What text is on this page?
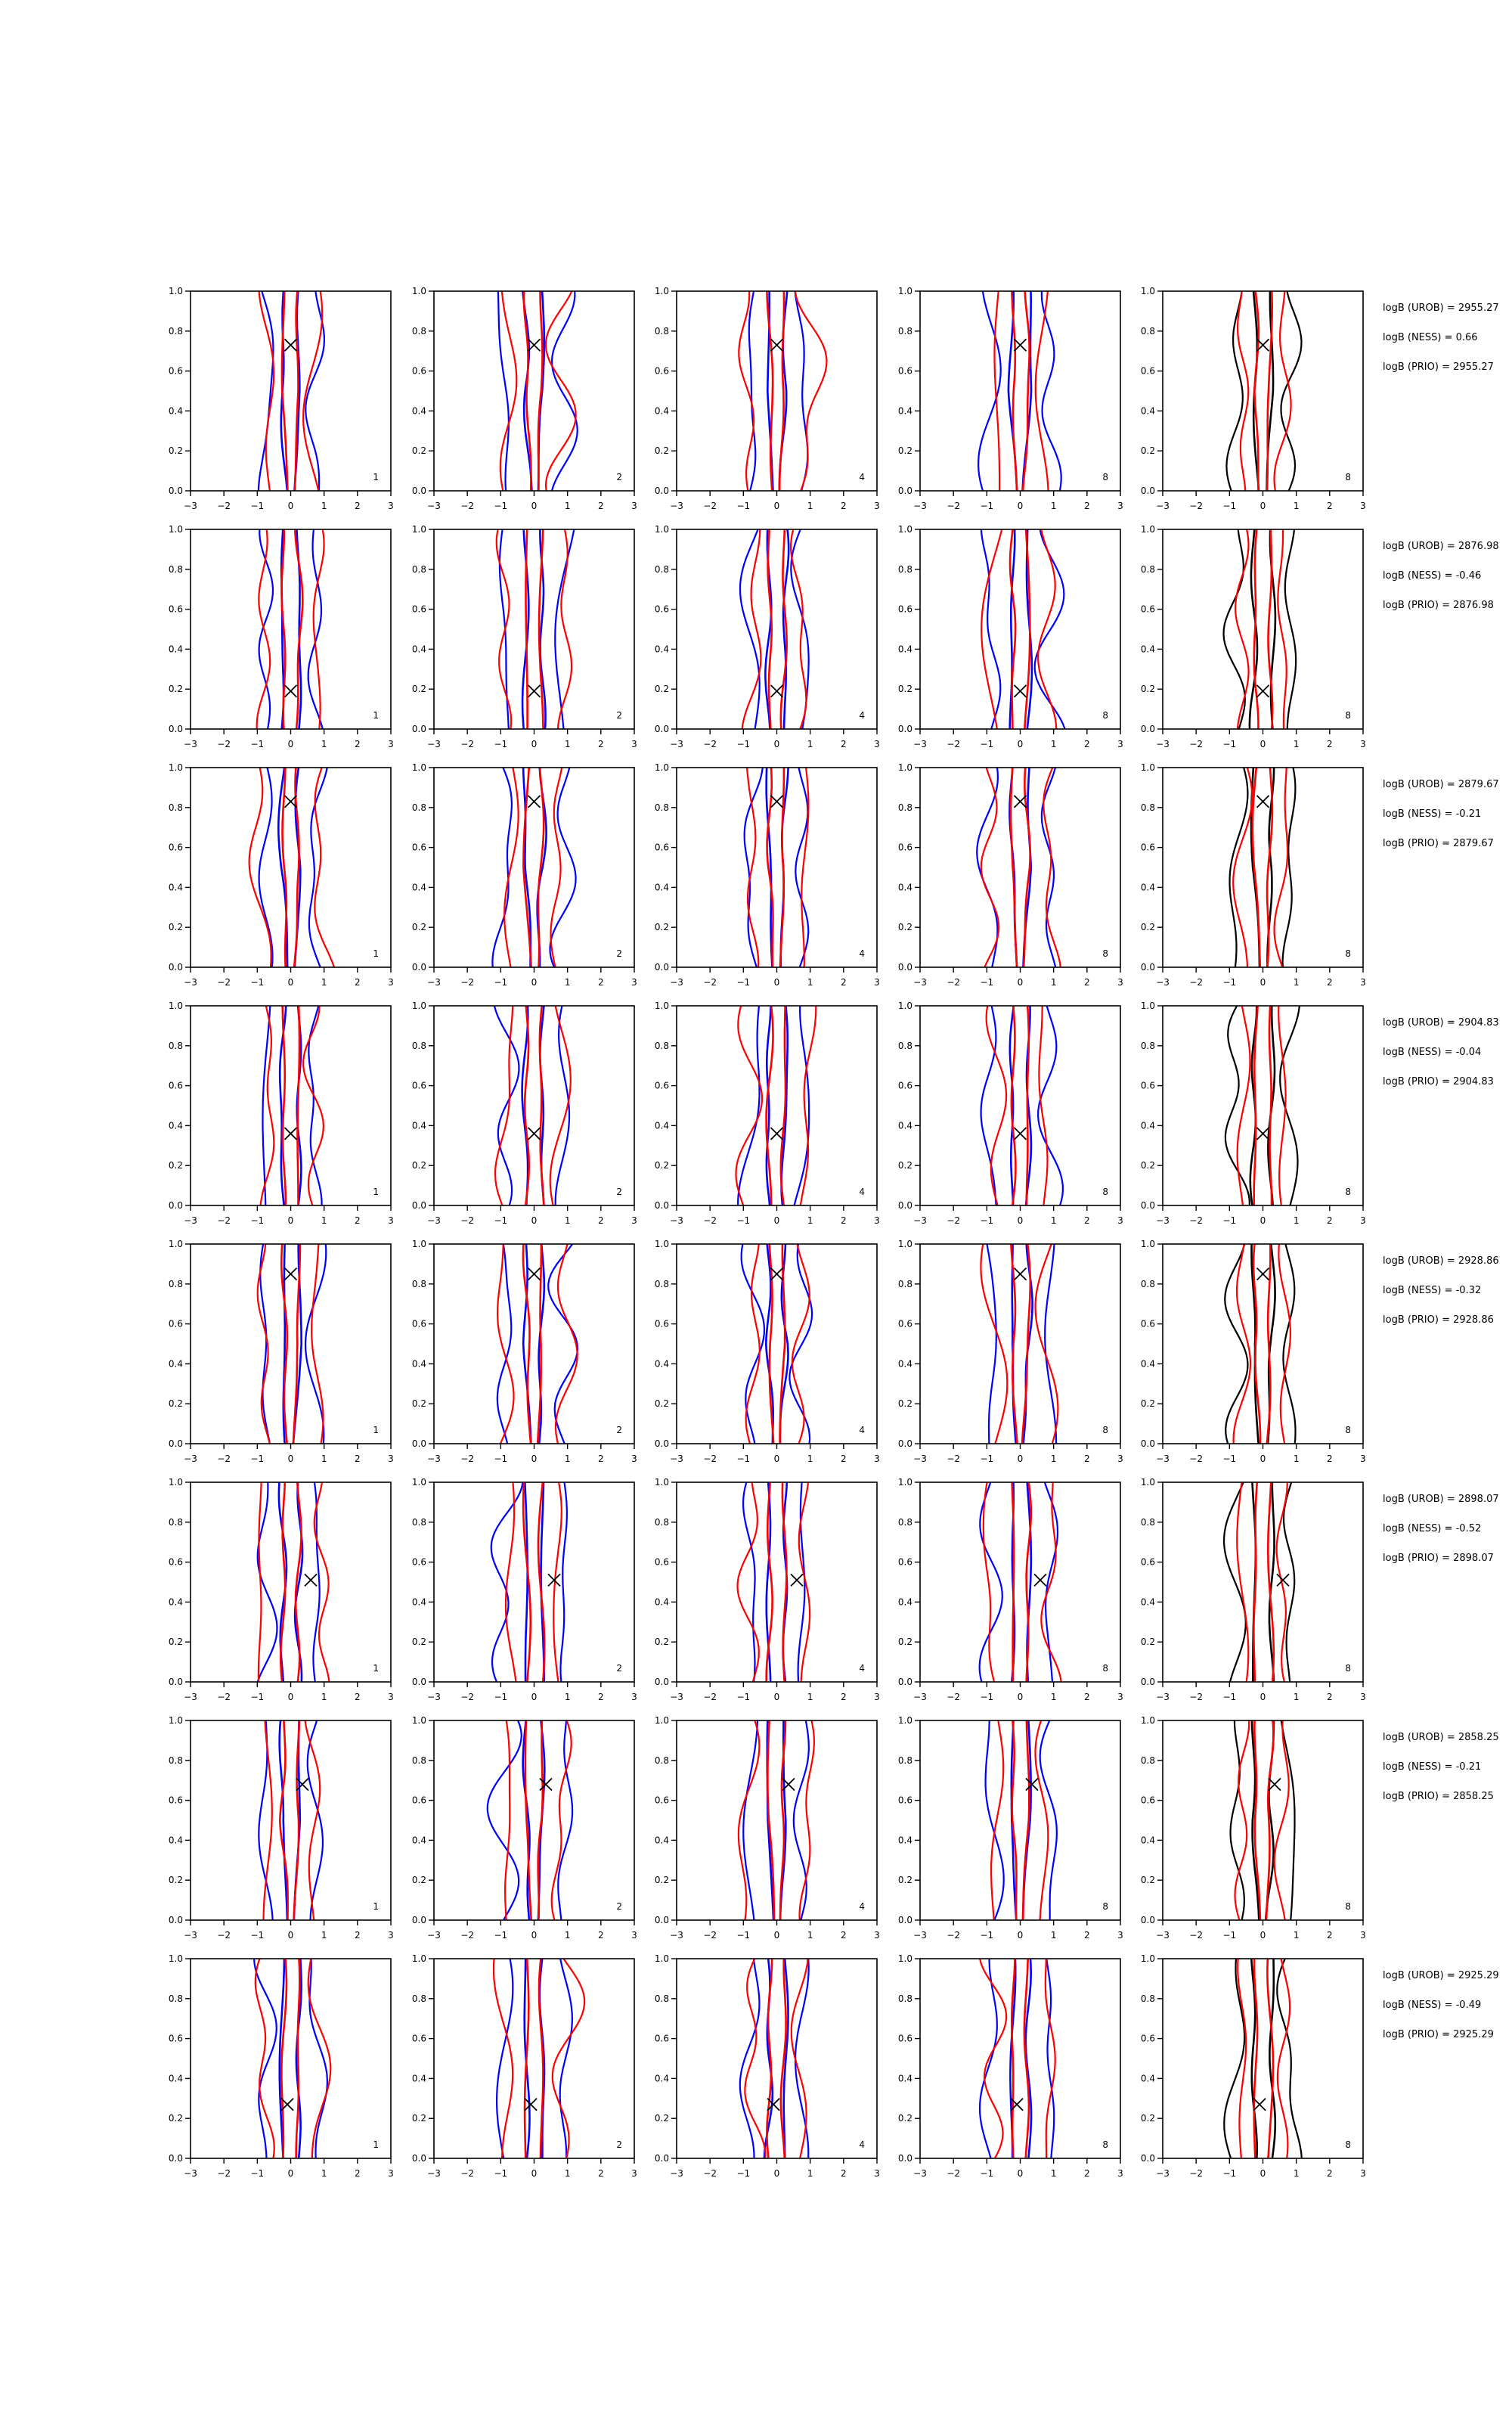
−3 −2 −1	0	1	2	3
0.0
0.2
0.4
0.6
0.8
1.0
1
−3 −2 −1	0	1	2	3
0.0
0.2
0.4
0.6
0.8
1.0
2
−3 −2 −1	0	1	2	3
0.0
0.2
0.4
0.6
0.8
1.0
4
−3 −2 −1	0	1	2	3
0.0
0.2
0.4
0.6
0.8
1.0
8
−3 −2 −1	0	1	2	3
0.0
0.2
0.4
0.6
0.8
1.0
8
−3 −2 −1	0	1	2	3
0.0
0.2
0.4
0.6
0.8
1.0
1
−3 −2 −1	0	1	2	3
0.0
0.2
0.4
0.6
0.8
1.0
2
−3 −2 −1	0	1	2	3
0.0
0.2
0.4
0.6
0.8
1.0
4
−3 −2 −1	0	1	2	3
0.0
0.2
0.4
0.6
0.8
1.0
8
−3 −2 −1	0	1	2	3
0.0
0.2
0.4
0.6
0.8
1.0
8
−3 −2 −1	0	1	2	3
0.0
0.2
0.4
0.6
0.8
1.0
1
−3 −2 −1	0	1	2	3
0.0
0.2
0.4
0.6
0.8
1.0
2
−3 −2 −1	0	1	2	3
0.0
0.2
0.4
0.6
0.8
1.0
4
−3 −2 −1	0	1	2	3
0.0
0.2
0.4
0.6
0.8
1.0
8
−3 −2 −1	0	1	2	3
0.0
0.2
0.4
0.6
0.8
1.0
8
−3 −2 −1	0	1	2	3
0.0
0.2
0.4
0.6
0.8
1.0
1
−3 −2 −1	0	1	2	3
0.0
0.2
0.4
0.6
0.8
1.0
2
−3 −2 −1	0	1	2	3
0.0
0.2
0.4
0.6
0.8
1.0
4
−3 −2 −1	0	1	2	3
0.0
0.2
0.4
0.6
0.8
1.0
8
−3 −2 −1	0	1	2	3
0.0
0.2
0.4
0.6
0.8
1.0
8
−3 −2 −1	0	1	2	3
0.0
0.2
0.4
0.6
0.8
1.0
1
−3 −2 −1	0	1	2	3
0.0
0.2
0.4
0.6
0.8
1.0
2
−3 −2 −1	0	1	2	3
0.0
0.2
0.4
0.6
0.8
1.0
4
−3 −2 −1	0	1	2	3
0.0
0.2
0.4
0.6
0.8
1.0
8
−3 −2 −1	0	1	2	3
0.0
0.2
0.4
0.6
0.8
1.0
8
−3 −2 −1	0	1	2	3
0.0
0.2
0.4
0.6
0.8
1.0
1
−3 −2 −1	0	1	2	3
0.0
0.2
0.4
0.6
0.8
1.0
2
−3 −2 −1	0	1	2	3
0.0
0.2
0.4
0.6
0.8
1.0
4
−3 −2 −1	0	1	2	3
0.0
0.2
0.4
0.6
0.8
1.0
8
−3 −2 −1	0	1	2	3
0.0
0.2
0.4
0.6
0.8
1.0
8
−3 −2 −1	0	1	2	3
0.0
0.2
0.4
0.6
0.8
1.0
1
−3 −2 −1	0	1	2	3
0.0
0.2
0.4
0.6
0.8
1.0
2
−3 −2 −1	0	1	2	3
0.0
0.2
0.4
0.6
0.8
1.0
4
−3 −2 −1	0	1	2	3
0.0
0.2
0.4
0.6
0.8
1.0
8
−3 −2 −1	0	1	2	3
0.0
0.2
0.4
0.6
0.8
1.0
8
−3 −2 −1	0	1	2	3
0.0
0.2
0.4
0.6
0.8
1.0
1
−3 −2 −1	0	1	2	3
0.0
0.2
0.4
0.6
0.8
1.0
2
−3 −2 −1	0	1	2	3
0.0
0.2
0.4
0.6
0.8
1.0
4
−3 −2 −1	0	1	2	3
0.0
0.2
0.4
0.6
0.8
1.0
8
−3 −2 −1	0	1	2	3
0.0
0.2
0.4
0.6
0.8
1.0
8
logB (UROB) = 2955.27
logB (NESS) = 0.66
logB (PRIO) = 2955.27
logB (UROB) = 2876.98
logB (NESS) = -0.46
logB (PRIO) = 2876.98
logB (UROB) = 2879.67
logB (NESS) = -0.21
logB (PRIO) = 2879.67
logB (UROB) = 2904.83
logB (NESS) = -0.04
logB (PRIO) = 2904.83
logB (UROB) = 2928.86
logB (NESS) = -0.32
logB (PRIO) = 2928.86
logB (UROB) = 2898.07
logB (NESS) = -0.52
logB (PRIO) = 2898.07
logB (UROB) = 2858.25
logB (NESS) = -0.21
logB (PRIO) = 2858.25
logB (UROB) = 2925.29
logB (NESS) = -0.49
logB (PRIO) = 2925.29
